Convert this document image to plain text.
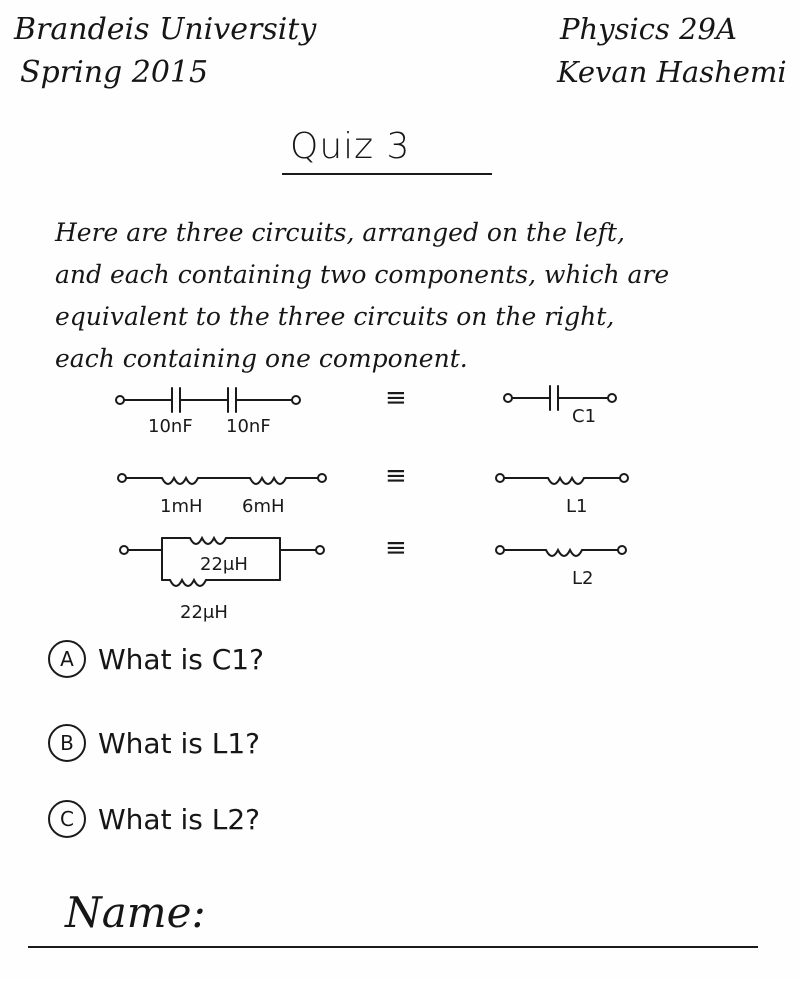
Brandeis University
Spring 2015
Physics 29A
Kevan Hashemi
Quiz 3
Here are three circuits, arranged on the left,
and each containing two components, which are
equivalent to the three circuits on the right,
each containing one component.
10nF 10nF
≡
C1
1mH 6mH
≡
L1
22μH
22μH
≡
L2
A What is C1?
B What is L1?
C What is L2?
Name:
